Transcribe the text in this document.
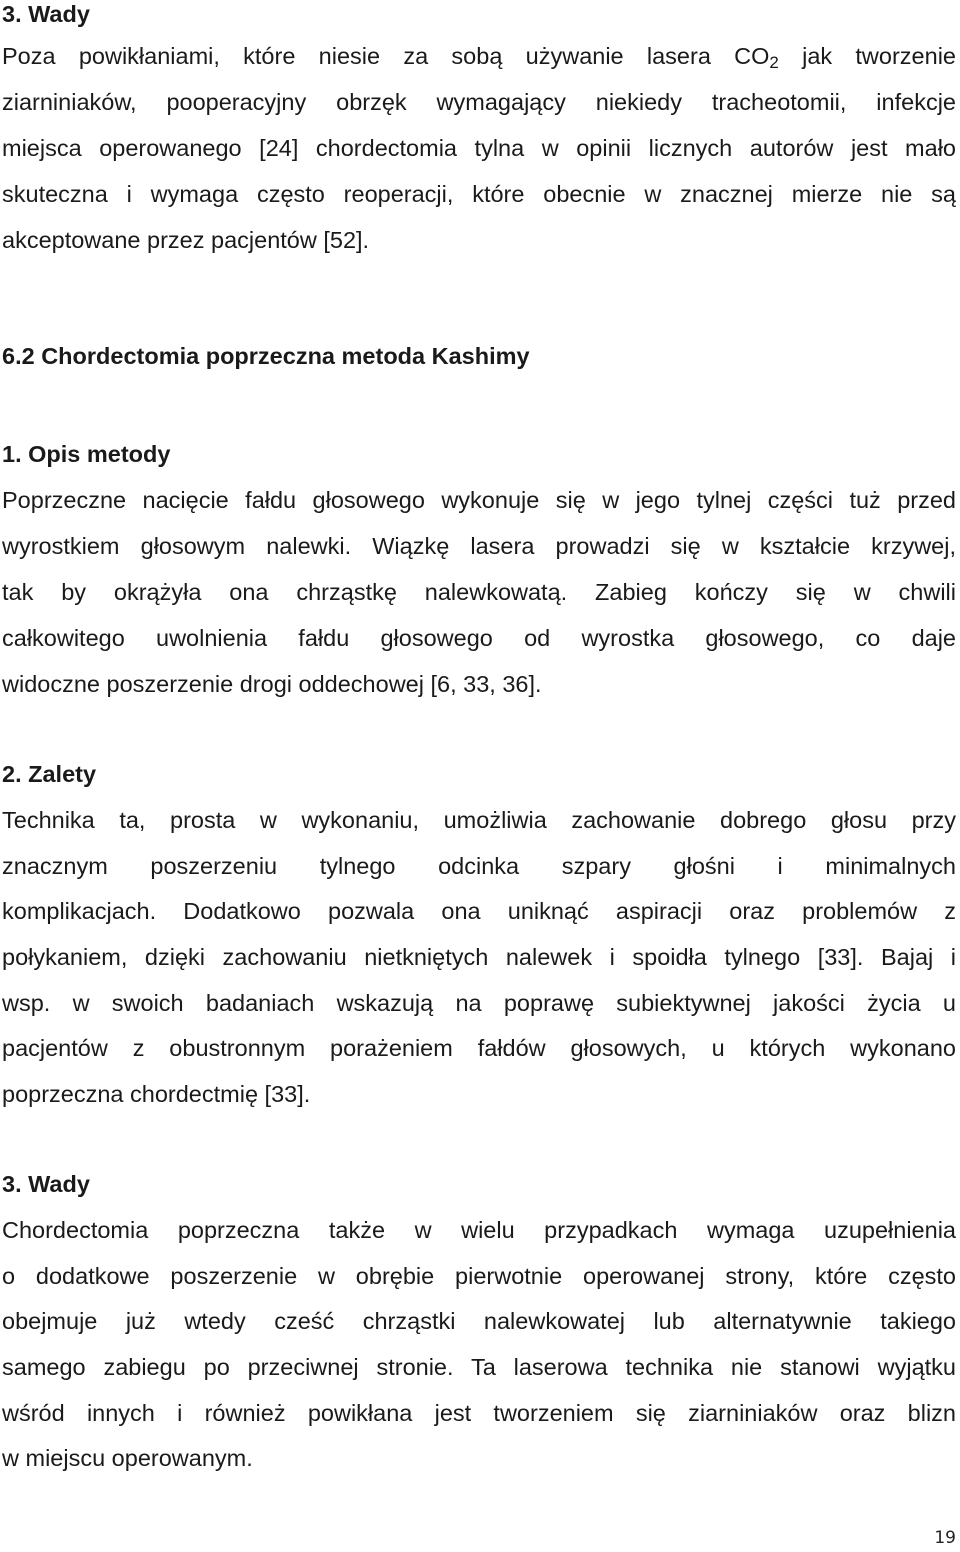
3. Wady
Poza powikłaniami, które niesie za sobą używanie lasera $CO_2$ jak tworzenie
ziarniniaków, pooperacyjny obrzęk wymagający niekiedy tracheotomii, infekcje
miejsca operowanego [24] chordectomia tylna w opinii licznych autorów jest mało
skuteczna i wymaga często reoperacji, które obecnie w znacznej mierze nie są
akceptowane przez pacjentów [52].
6.2 Chordectomia poprzeczna metoda Kashimy
1. Opis metody
Poprzeczne nacięcie fałdu głosowego wykonuje się w jego tylnej części tuż przed
wyrostkiem głosowym nalewki. Wiązkę lasera prowadzi się w kształcie krzywej,
tak by okrążyła ona chrząstkę nalewkowatą. Zabieg kończy się w chwili
całkowitego uwolnienia fałdu głosowego od wyrostka głosowego, co daje
widoczne poszerzenie drogi oddechowej [6, 33, 36].
2. Zalety
Technika ta, prosta w wykonaniu, umożliwia zachowanie dobrego głosu przy
znacznym poszerzeniu tylnego odcinka szpary głośni i minimalnych
komplikacjach. Dodatkowo pozwala ona uniknąć aspiracji oraz problemów z
połykaniem, dzięki zachowaniu nietkniętych nalewek i spoidła tylnego [33]. Bajaj i
wsp. w swoich badaniach wskazują na poprawę subiektywnej jakości życia u
pacjentów z obustronnym porażeniem fałdów głosowych, u których wykonano
poprzeczna chordectmię [33].
3. Wady
Chordectomia poprzeczna także w wielu przypadkach wymaga uzupełnienia
o dodatkowe poszerzenie w obrębie pierwotnie operowanej strony, które często
obejmuje już wtedy cześć chrząstki nalewkowatej lub alternatywnie takiego
samego zabiegu po przeciwnej stronie. Ta laserowa technika nie stanowi wyjątku
wśród innych i również powikłana jest tworzeniem się ziarniniaków oraz blizn
w miejscu operowanym.
19
